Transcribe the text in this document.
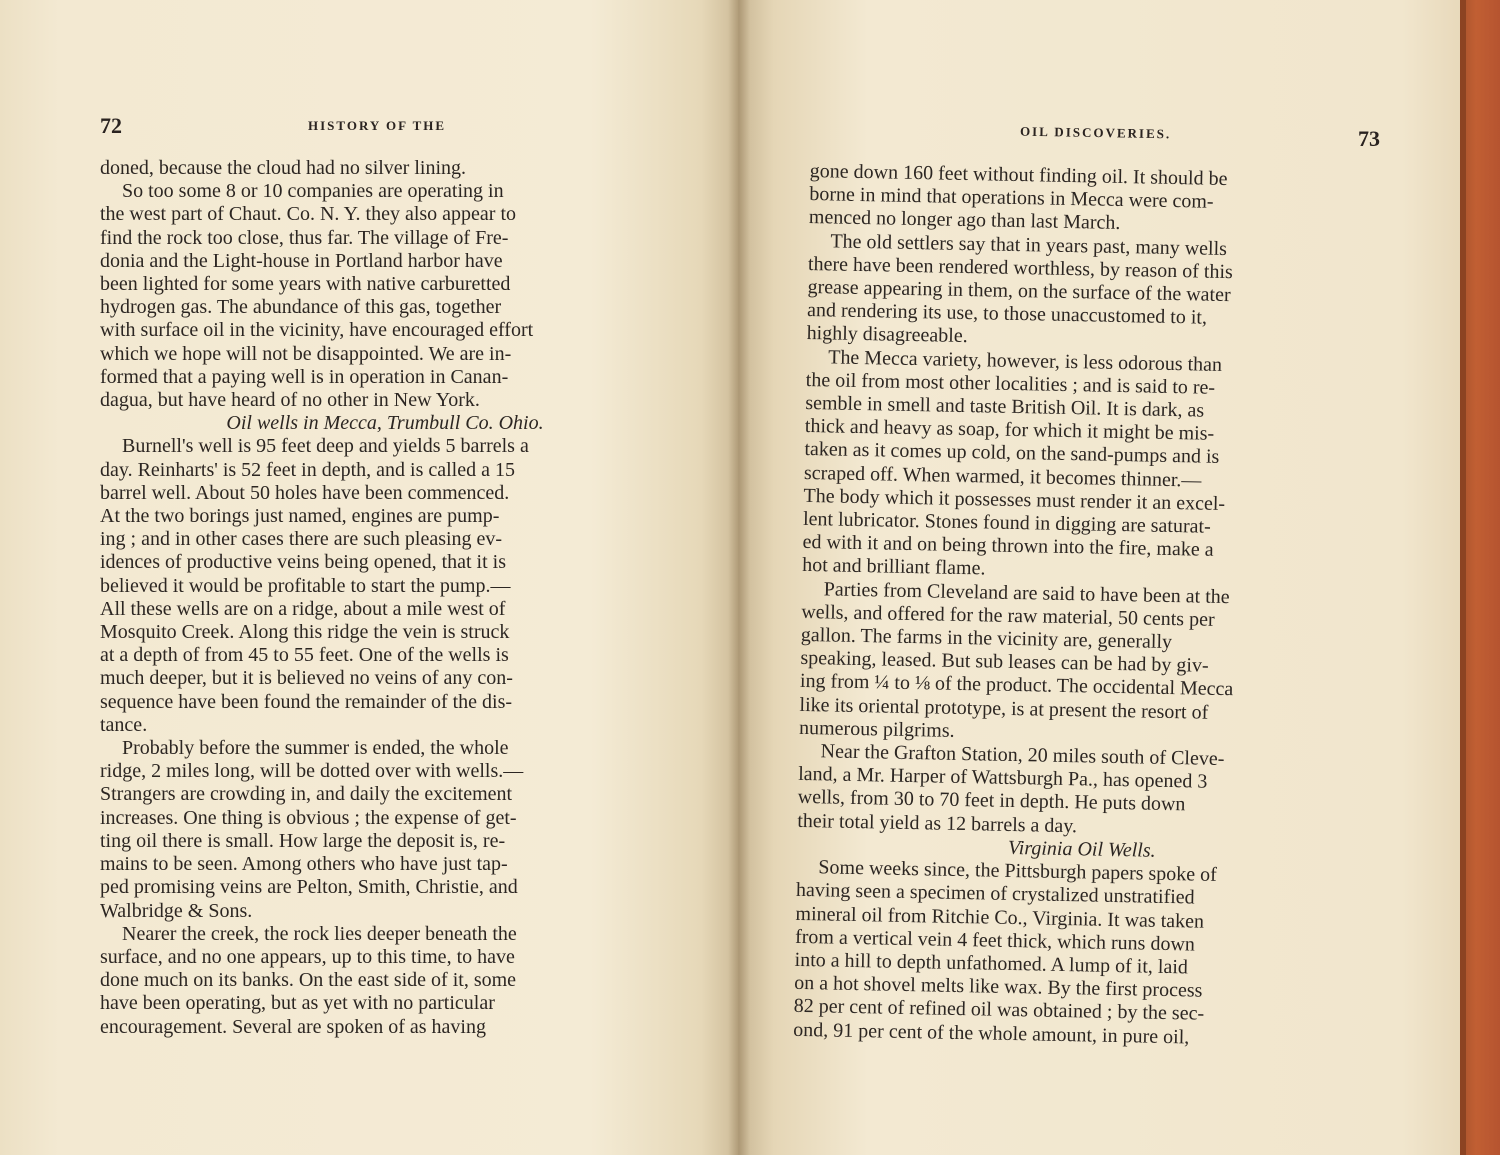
72	HISTORY OF THE

doned, because the cloud had no silver lining.

So too some 8 or 10 companies are operating in

the west part of Chaut. Co. N. Y. they also appear to

find the rock too close, thus far. The village of Fre-

donia and the Light-house in Portland harbor have

been lighted for some years with native carburetted

hydrogen gas. The abundance of this gas, together

with surface oil in the vicinity, have encouraged effort

which we hope will not be disappointed. We are in-

formed that a paying well is in operation in Canan-

dagua, but have heard of no other in New York.

Oil wells in Mecca, Trumbull Co. Ohio.

Burnell's well is 95 feet deep and yields 5 barrels a

day. Reinharts' is 52 feet in depth, and is called a 15

barrel well. About 50 holes have been commenced.

At the two borings just named, engines are pump-

ing ; and in other cases there are such pleasing ev-

idences of productive veins being opened, that it is

believed it would be profitable to start the pump.—

All these wells are on a ridge, about a mile west of

Mosquito Creek. Along this ridge the vein is struck

at a depth of from 45 to 55 feet. One of the wells is

much deeper, but it is believed no veins of any con-

sequence have been found the remainder of the dis-

tance.

Probably before the summer is ended, the whole

ridge, 2 miles long, will be dotted over with wells.—

Strangers are crowding in, and daily the excitement

increases. One thing is obvious ; the expense of get-

ting oil there is small. How large the deposit is, re-

mains to be seen. Among others who have just tap-

ped promising veins are Pelton, Smith, Christie, and

Walbridge & Sons.

Nearer the creek, the rock lies deeper beneath the

surface, and no one appears, up to this time, to have

done much on its banks. On the east side of it, some

have been operating, but as yet with no particular

encouragement. Several are spoken of as having

OIL DISCOVERIES.	73

gone down 160 feet without finding oil. It should be

borne in mind that operations in Mecca were com-

menced no longer ago than last March.

The old settlers say that in years past, many wells

there have been rendered worthless, by reason of this

grease appearing in them, on the surface of the water

and rendering its use, to those unaccustomed to it,

highly disagreeable.

The Mecca variety, however, is less odorous than

the oil from most other localities ; and is said to re-

semble in smell and taste British Oil. It is dark, as

thick and heavy as soap, for which it might be mis-

taken as it comes up cold, on the sand-pumps and is

scraped off. When warmed, it becomes thinner.—

The body which it possesses must render it an excel-

lent lubricator. Stones found in digging are saturat-

ed with it and on being thrown into the fire, make a

hot and brilliant flame.

Parties from Cleveland are said to have been at the

wells, and offered for the raw material, 50 cents per

gallon. The farms in the vicinity are, generally

speaking, leased. But sub leases can be had by giv-

ing from ¼ to ⅛ of the product. The occidental Mecca

like its oriental prototype, is at present the resort of

numerous pilgrims.

Near the Grafton Station, 20 miles south of Cleve-

land, a Mr. Harper of Wattsburgh Pa., has opened 3

wells, from 30 to 70 feet in depth. He puts down

their total yield as 12 barrels a day.

Virginia Oil Wells.

Some weeks since, the Pittsburgh papers spoke of

having seen a specimen of crystalized unstratified

mineral oil from Ritchie Co., Virginia. It was taken

from a vertical vein 4 feet thick, which runs down

into a hill to depth unfathomed. A lump of it, laid

on a hot shovel melts like wax. By the first process

82 per cent of refined oil was obtained ; by the sec-

ond, 91 per cent of the whole amount, in pure oil,
